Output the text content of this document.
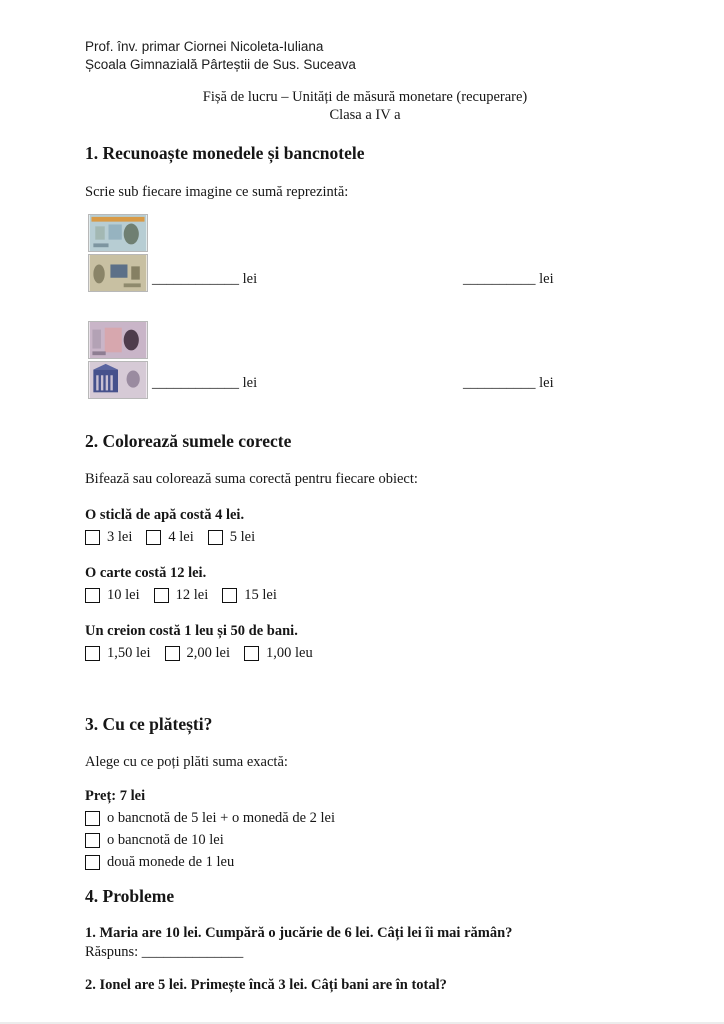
Prof. înv. primar Ciornei Nicoleta-Iuliana
Școala Gimnazială Pârteștii de Sus. Suceava
Fișă de lucru – Unități de măsură monetare (recuperare)
Clasa a IV a
1. Recunoaște monedele și bancnotele
Scrie sub fiecare imagine ce sumă reprezintă:
____________ lei	__________ lei
____________ lei	__________ lei
2. Colorează sumele corecte
Bifează sau colorează suma corectă pentru fiecare obiect:
O sticlă de apă costă 4 lei.
3 lei 4 lei 5 lei
O carte costă 12 lei.
10 lei 12 lei 15 lei
Un creion costă 1 leu și 50 de bani.
1,50 lei 2,00 lei 1,00 leu
3. Cu ce plătești?
Alege cu ce poți plăti suma exactă:
Preț: 7 lei
o bancnotă de 5 lei + o monedă de 2 lei
o bancnotă de 10 lei
două monede de 1 leu
4. Probleme
1. Maria are 10 lei. Cumpără o jucărie de 6 lei. Câți lei îi mai rămân?
Răspuns: ______________
2. Ionel are 5 lei. Primește încă 3 lei. Câți bani are în total?
